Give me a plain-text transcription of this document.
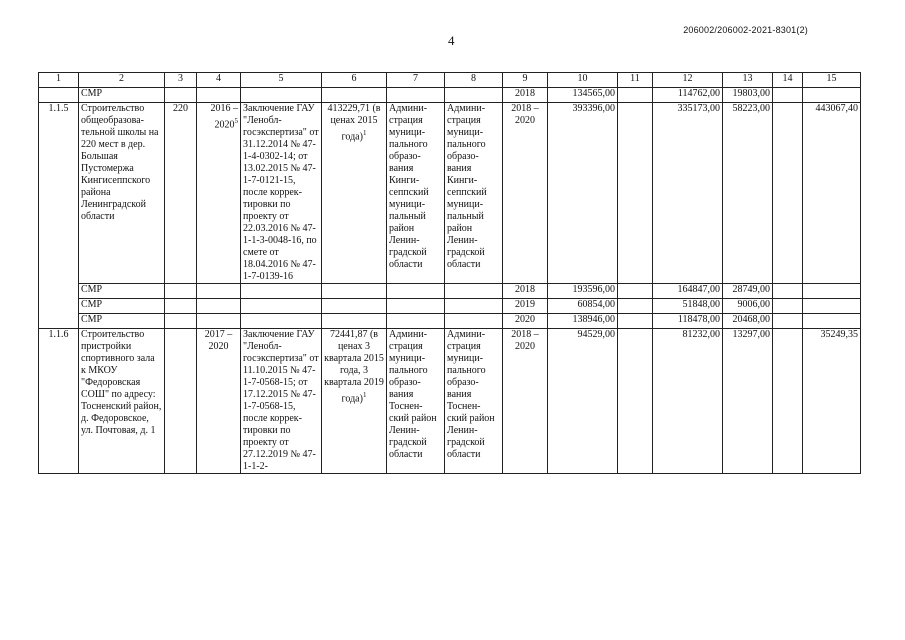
206002/206002-2021-8301(2)
4
1	2	3	4	5	6	7	8	9	10	11	12	13	14	15
	СМР							2018	134565,00		114762,00	19803,00		
1.1.5	Строительство общеобразова-тельной школы на 220 мест в дер. Большая Пустомержа Кингисеппского района Ленинградской области	220	2016 – 2020$^5$	Заключение ГАУ "Ленобл-госэкспертиза" от 31.12.2014 № 47-1-4-0302-14; от 13.02.2015 № 47-1-7-0121-15, после коррек-тировки по проекту от 22.03.2016 № 47-1-1-3-0048-16, по смете от 18.04.2016 № 47-1-7-0139-16	413229,71 (в ценах 2015 года)$^1$	Админи-страция муници-пального образо-вания Кинги-сеппский муници-пальный район Ленин-градской области	Админи-страция муници-пального образо-вания Кинги-сеппский муници-пальный район Ленин-градской области	2018 – 2020	393396,00		335173,00	58223,00		443067,40
	СМР							2018	193596,00		164847,00	28749,00		
	СМР							2019	60854,00		51848,00	9006,00		
	СМР							2020	138946,00		118478,00	20468,00		
1.1.6	Строительство пристройки спортивного зала к МКОУ "Федоровская СОШ" по адресу: Тосненский район, д. Федоровское, ул. Почтовая, д. 1		2017 – 2020	Заключение ГАУ "Ленобл-госэкспертиза" от 11.10.2015 № 47-1-7-0568-15; от 17.12.2015 № 47-1-7-0568-15, после коррек-тировки по проекту от 27.12.2019 № 47-1-1-2-	72441,87 (в ценах 3 квартала 2015 года, 3 квартала 2019 года)$^1$	Админи-страция муници-пального образо-вания Тоснен-ский район Ленин-градской области	Админи-страция муници-пального образо-вания Тоснен-ский район Ленин-градской области	2018 – 2020	94529,00		81232,00	13297,00		35249,35
